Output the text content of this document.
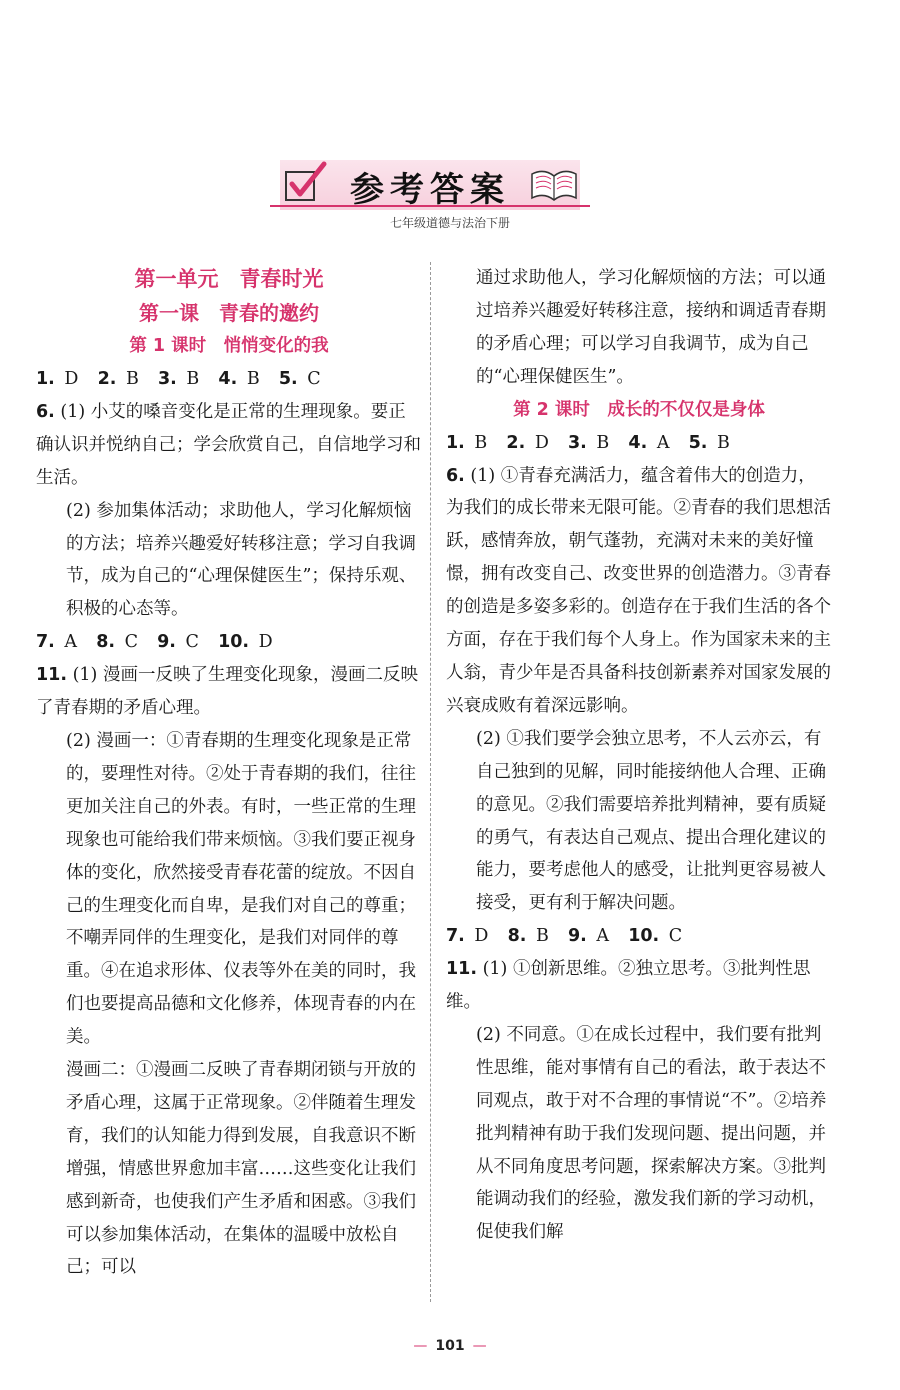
参考答案
七年级道德与法治下册
第一单元　青春时光
第一课　青春的邀约
第 1 课时　悄悄变化的我
1. D 2. B 3. B 4. B 5. C

6. (1) 小艾的嗓音变化是正常的生理现象。要正确认识并悦纳自己；学会欣赏自己，自信地学习和生活。

(2) 参加集体活动；求助他人，学习化解烦恼的方法；培养兴趣爱好转移注意；学习自我调节，成为自己的“心理保健医生”；保持乐观、积极的心态等。

7. A 8. C 9. C 10. D

11. (1) 漫画一反映了生理变化现象，漫画二反映了青春期的矛盾心理。

(2) 漫画一：①青春期的生理变化现象是正常的，要理性对待。②处于青春期的我们，往往更加关注自己的外表。有时，一些正常的生理现象也可能给我们带来烦恼。③我们要正视身体的变化，欣然接受青春花蕾的绽放。不因自己的生理变化而自卑，是我们对自己的尊重；不嘲弄同伴的生理变化，是我们对同伴的尊重。④在追求形体、仪表等外在美的同时，我们也要提高品德和文化修养，体现青春的内在美。

漫画二：①漫画二反映了青春期闭锁与开放的矛盾心理，这属于正常现象。②伴随着生理发育，我们的认知能力得到发展，自我意识不断增强，情感世界愈加丰富……这些变化让我们感到新奇，也使我们产生矛盾和困惑。③我们可以参加集体活动，在集体的温暖中放松自己；可以

通过求助他人，学习化解烦恼的方法；可以通过培养兴趣爱好转移注意，接纳和调适青春期的矛盾心理；可以学习自我调节，成为自己的“心理保健医生”。

第 2 课时　成长的不仅仅是身体
1. B 2. D 3. B 4. A 5. B

6. (1) ①青春充满活力，蕴含着伟大的创造力，为我们的成长带来无限可能。②青春的我们思想活跃，感情奔放，朝气蓬勃，充满对未来的美好憧憬，拥有改变自己、改变世界的创造潜力。③青春的创造是多姿多彩的。创造存在于我们生活的各个方面，存在于我们每个人身上。作为国家未来的主人翁，青少年是否具备科技创新素养对国家发展的兴衰成败有着深远影响。

(2) ①我们要学会独立思考，不人云亦云，有自己独到的见解，同时能接纳他人合理、正确的意见。②我们需要培养批判精神，要有质疑的勇气，有表达自己观点、提出合理化建议的能力，要考虑他人的感受，让批判更容易被人接受，更有利于解决问题。

7. D 8. B 9. A 10. C

11. (1) ①创新思维。②独立思考。③批判性思维。

(2) 不同意。①在成长过程中，我们要有批判性思维，能对事情有自己的看法，敢于表达不同观点，敢于对不合理的事情说“不”。②培养批判精神有助于我们发现问题、提出问题，并从不同角度思考问题，探索解决方案。③批判能调动我们的经验，激发我们新的学习动机，促使我们解

— 101 —
